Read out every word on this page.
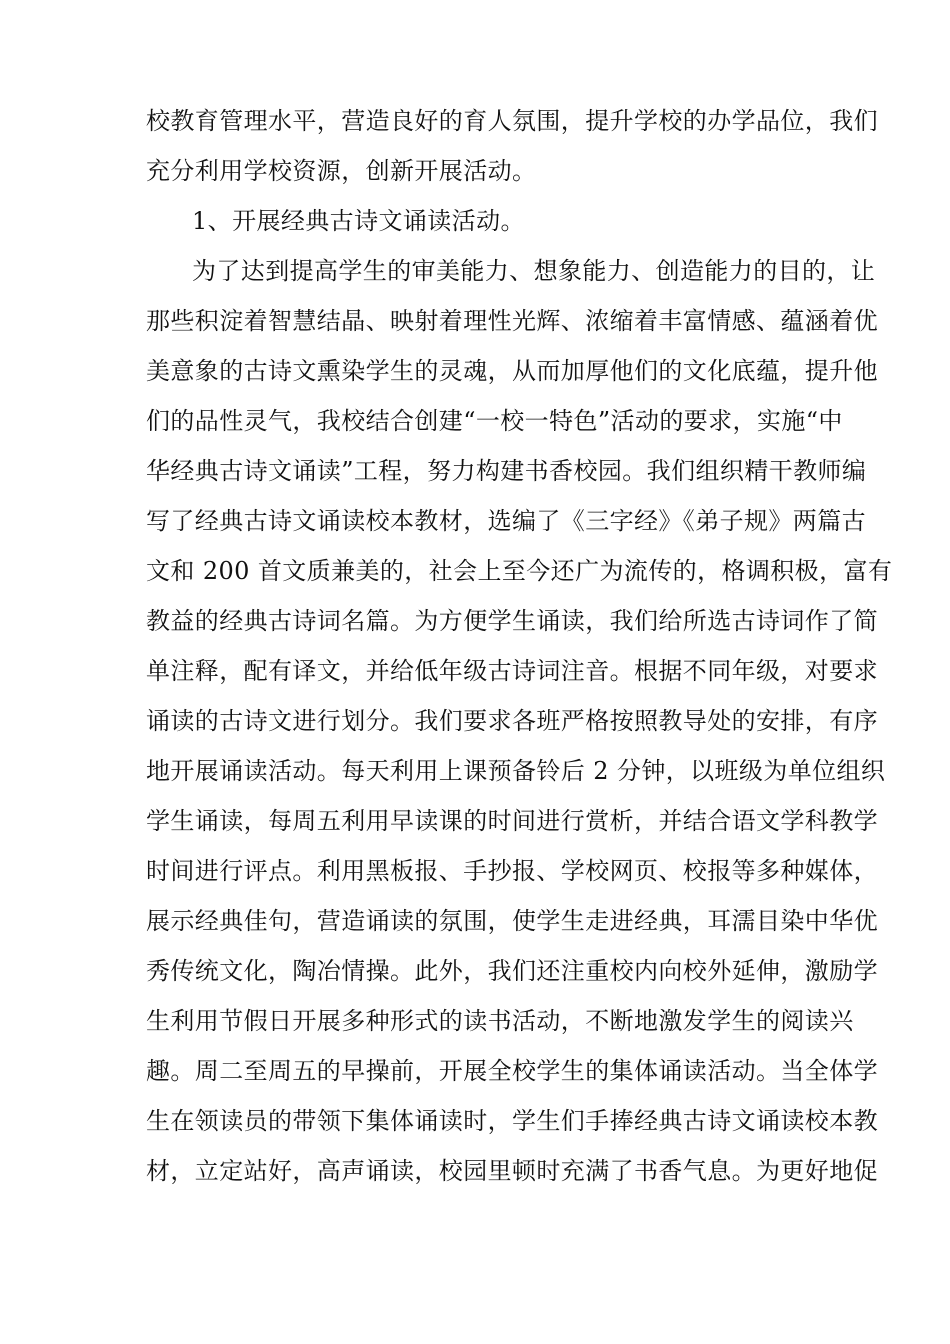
校教育管理水平，营造良好的育人氛围，提升学校的办学品位，我们
充分利用学校资源，创新开展活动。
1、开展经典古诗文诵读活动。
为了达到提高学生的审美能力、想象能力、创造能力的目的，让
那些积淀着智慧结晶、映射着理性光辉、浓缩着丰富情感、蕴涵着优
美意象的古诗文熏染学生的灵魂，从而加厚他们的文化底蕴，提升他
们的品性灵气，我校结合创建“一校一特色”活动的要求，实施“中
华经典古诗文诵读”工程，努力构建书香校园。我们组织精干教师编
写了经典古诗文诵读校本教材，选编了《三字经》《弟子规》两篇古
文和 200 首文质兼美的，社会上至今还广为流传的，格调积极，富有
教益的经典古诗词名篇。为方便学生诵读，我们给所选古诗词作了简
单注释，配有译文，并给低年级古诗词注音。根据不同年级，对要求
诵读的古诗文进行划分。我们要求各班严格按照教导处的安排，有序
地开展诵读活动。每天利用上课预备铃后 2 分钟，以班级为单位组织
学生诵读，每周五利用早读课的时间进行赏析，并结合语文学科教学
时间进行评点。利用黑板报、手抄报、学校网页、校报等多种媒体，
展示经典佳句，营造诵读的氛围，使学生走进经典，耳濡目染中华优
秀传统文化，陶冶情操。此外，我们还注重校内向校外延伸，激励学
生利用节假日开展多种形式的读书活动，不断地激发学生的阅读兴
趣。周二至周五的早操前，开展全校学生的集体诵读活动。当全体学
生在领读员的带领下集体诵读时，学生们手捧经典古诗文诵读校本教
材，立定站好，高声诵读，校园里顿时充满了书香气息。为更好地促
